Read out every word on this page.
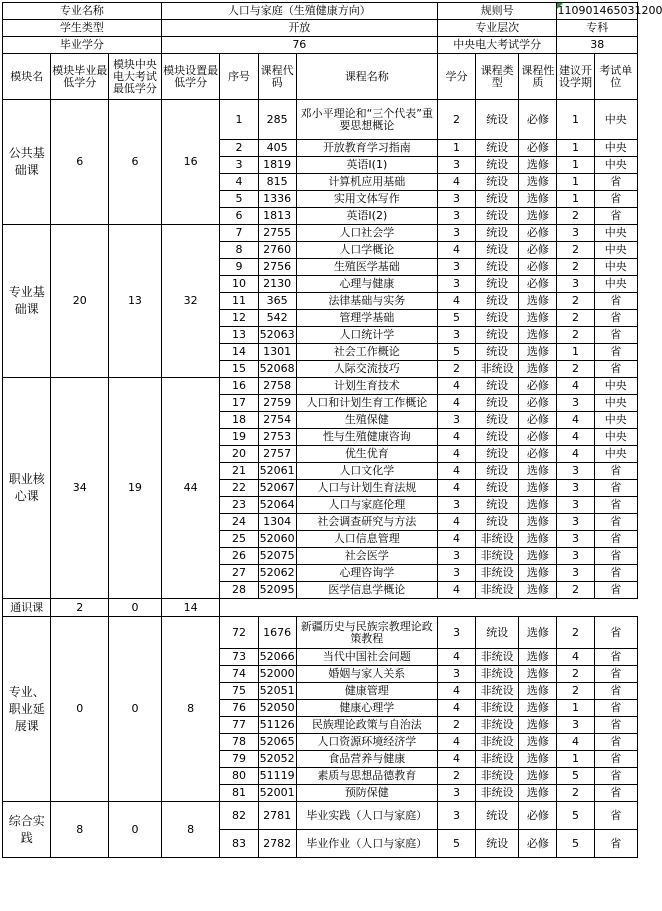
专业名称			人口与家庭（生殖健康方向）				规则号			110901465031200	
学生类型			开放				专业层次			专科	
毕业学分			76				中央电大考试学分			38	
模块名	模块毕业最低学分	模块中央电大考试最低学分	模块设置最低学分	序号	课程代码	课程名称	学分	课程类型	课程性质	建议开设学期	考试单位
公共基础课	6	6	16	1	285	邓小平理论和“三个代表”重要思想概论	2	统设	必修	1	中央
				2	405	开放教育学习指南	1	统设	必修	1	中央
				3	1819	英语Ⅰ(1)	3	统设	选修	1	中央
				4	815	计算机应用基础	4	统设	选修	1	省
				5	1336	实用文体写作	3	统设	选修	1	省
				6	1813	英语Ⅰ(2)	3	统设	选修	2	省
专业基础课	20	13	32	7	2755	人口社会学	3	统设	必修	3	中央
				8	2760	人口学概论	4	统设	必修	2	中央
				9	2756	生殖医学基础	3	统设	必修	2	中央
				10	2130	心理与健康	3	统设	必修	3	中央
				11	365	法律基础与实务	4	统设	选修	2	省
				12	542	管理学基础	5	统设	选修	2	省
				13	52063	人口统计学	3	统设	选修	2	省
				14	1301	社会工作概论	5	统设	选修	1	省
				15	52068	人际交流技巧	2	非统设	选修	2	省
职业核心课	34	19	44	16	2758	计划生育技术	4	统设	必修	4	中央
				17	2759	人口和计划生育工作概论	4	统设	必修	3	中央
				18	2754	生殖保健	3	统设	必修	4	中央
				19	2753	性与生殖健康咨询	4	统设	必修	4	中央
				20	2757	优生优育	4	统设	必修	4	中央
				21	52061	人口文化学	4	统设	选修	3	省
				22	52067	人口与计划生育法规	4	统设	选修	3	省
				23	52064	人口与家庭伦理	3	统设	选修	3	省
				24	1304	社会调查研究与方法	4	统设	选修	3	省
				25	52060	人口信息管理	4	非统设	选修	3	省
				26	52075	社会医学	3	非统设	选修	3	省
				27	52062	心理咨询学	3	非统设	选修	3	省
				28	52095	医学信息学概论	4	非统设	选修	2	省
通识课	2	0	14								
专业、职业延展课	0	0	8	72	1676	新疆历史与民族宗教理论政策教程	3	统设	选修	2	省
				73	52066	当代中国社会问题	4	非统设	选修	4	省
				74	52000	婚姻与家人关系	3	非统设	选修	2	省
				75	52051	健康管理	4	非统设	选修	2	省
				76	52050	健康心理学	4	非统设	选修	1	省
				77	51126	民族理论政策与自治法	2	非统设	选修	3	省
				78	52065	人口资源环境经济学	4	非统设	选修	4	省
				79	52052	食品营养与健康	4	非统设	选修	1	省
				80	51119	素质与思想品德教育	2	非统设	选修	5	省
				81	52001	预防保健	3	非统设	选修	2	省
综合实践	8	0	8	82	2781	毕业实践（人口与家庭）	3	统设	必修	5	省
				83	2782	毕业作业（人口与家庭）	5	统设	必修	5	省
